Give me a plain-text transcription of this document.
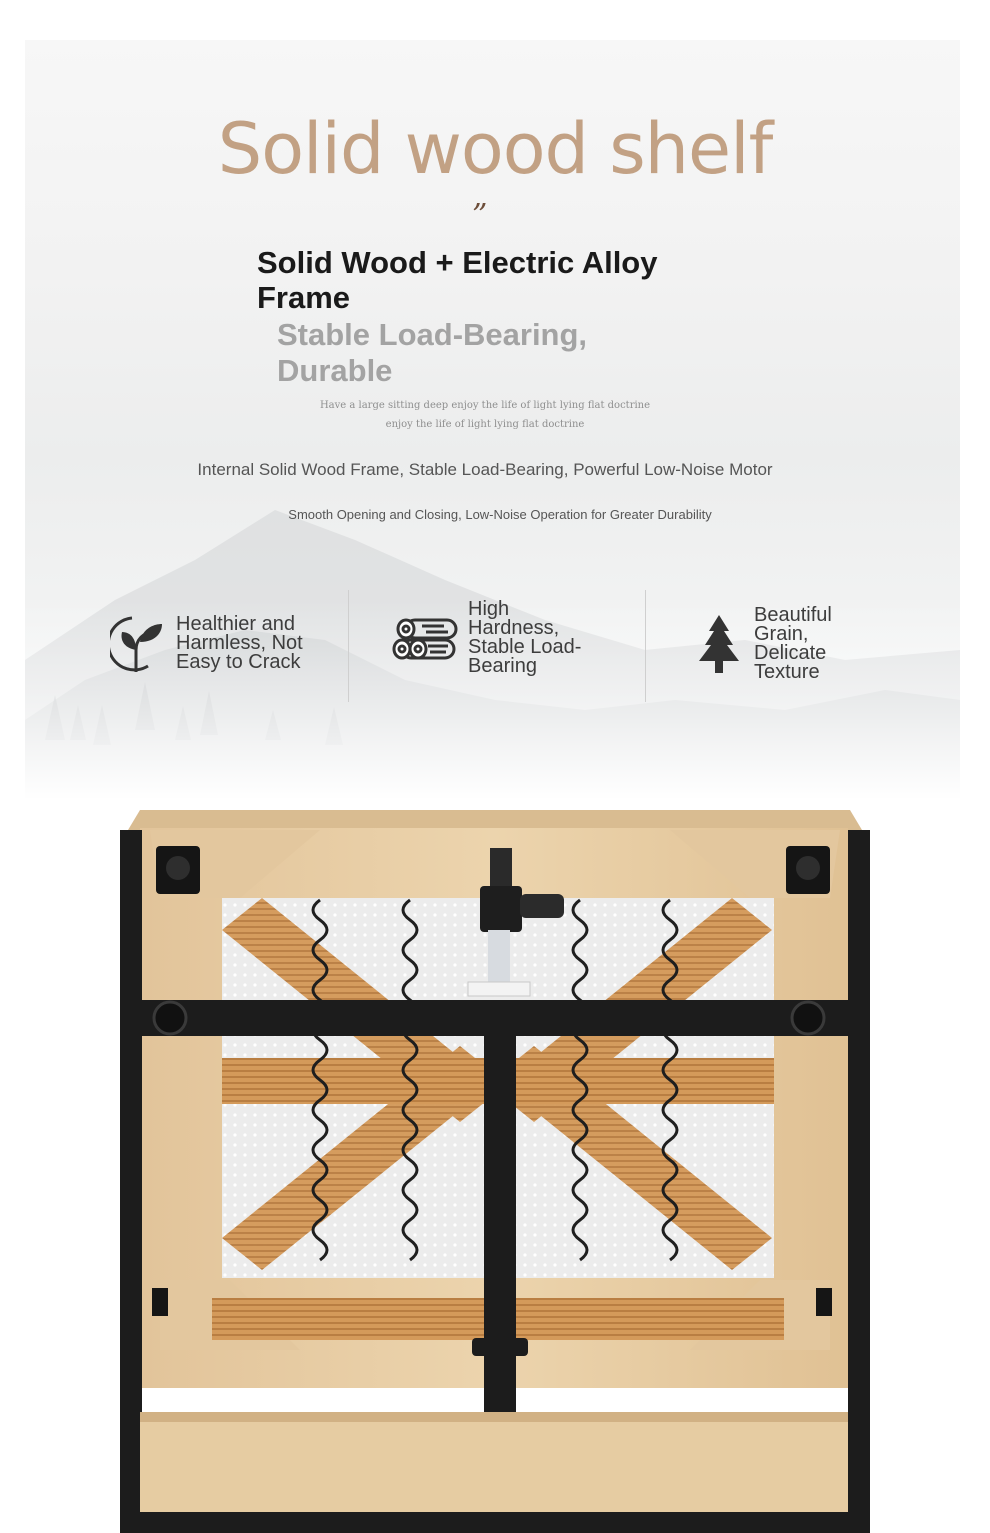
Solid wood shelf
”
Solid Wood + Electric Alloy Frame
Stable Load-Bearing, Durable
Have a large sitting deep enjoy the life of light lying flat doctrine
enjoy the life of light lying flat doctrine
Internal Solid Wood Frame, Stable Load-Bearing, Powerful Low-Noise Motor
Smooth Opening and Closing, Low-Noise Operation for Greater Durability
Healthier and Harmless, Not Easy to Crack
High Hardness, Stable Load-Bearing
Beautiful Grain, Delicate Texture
